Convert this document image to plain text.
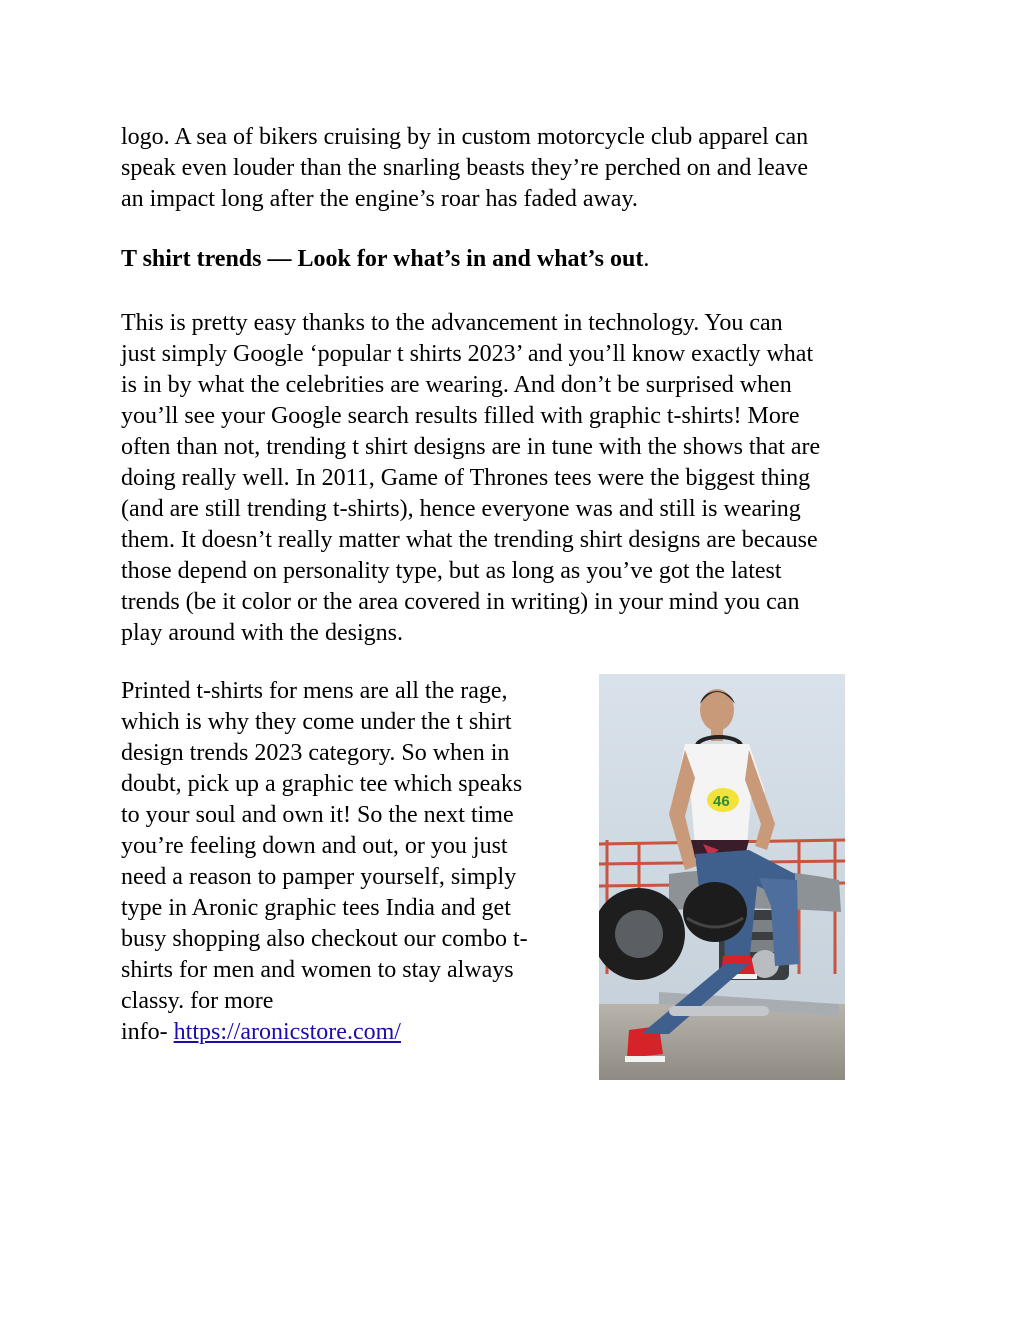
logo. A sea of bikers cruising by in custom motorcycle club apparel can
speak even louder than the snarling beasts they’re perched on and leave
an impact long after the engine’s roar has faded away.

T shirt trends — Look for what’s in and what’s out.

This is pretty easy thanks to the advancement in technology. You can
just simply Google ‘popular t shirts 2023’ and you’ll know exactly what
is in by what the celebrities are wearing. And don’t be surprised when
you’ll see your Google search results filled with graphic t-shirts! More
often than not, trending t shirt designs are in tune with the shows that are
doing really well. In 2011, Game of Thrones tees were the biggest thing
(and are still trending t-shirts), hence everyone was and still is wearing
them. It doesn’t really matter what the trending shirt designs are because
those depend on personality type, but as long as you’ve got the latest
trends (be it color or the area covered in writing) in your mind you can
play around with the designs.

Printed t-shirts for mens are all the rage,
which is why they come under the t shirt
design trends 2023 category. So when in
doubt, pick up a graphic tee which speaks
to your soul and own it! So the next time
you’re feeling down and out, or you just
need a reason to pamper yourself, simply
type in Aronic graphic tees India and get
busy shopping also checkout our combo t-
shirts for men and women to stay always
classy. for more
info- https://aronicstore.com/

46
